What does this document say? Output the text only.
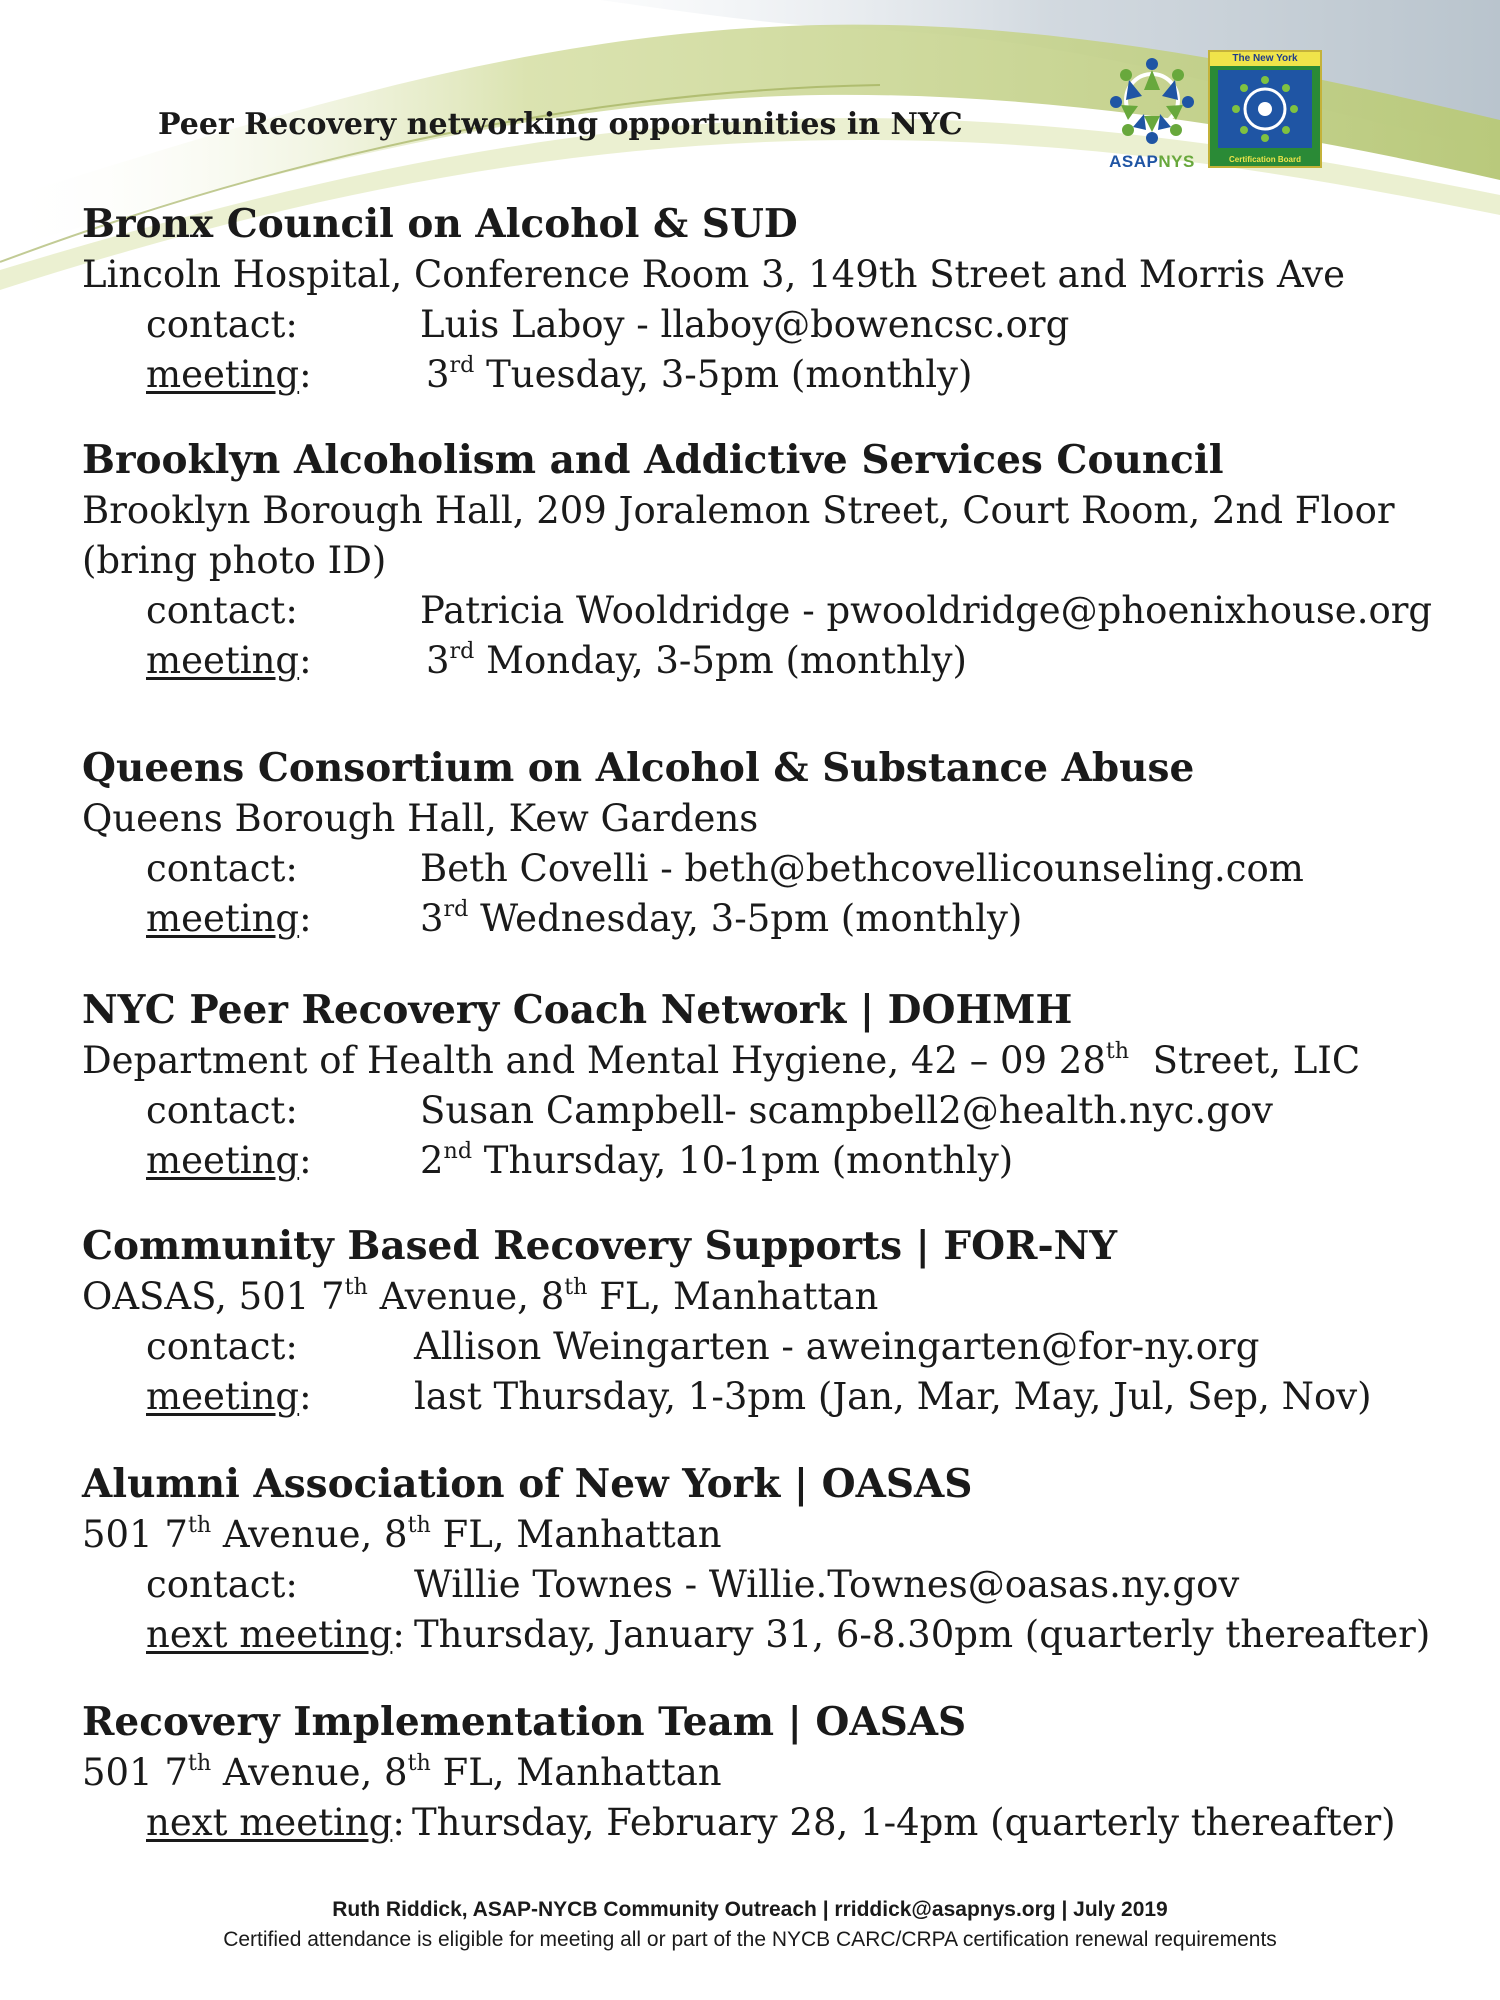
Peer Recovery networking opportunities in NYC
ASAPNYS
The New York
Certification Board
Bronx Council on Alcohol & SUD
Lincoln Hospital, Conference Room 3, 149th Street and Morris Ave
contact:	Luis Laboy - llaboy@bowencsc.org
meeting:	3rd Tuesday, 3-5pm (monthly)
Brooklyn Alcoholism and Addictive Services Council
Brooklyn Borough Hall, 209 Joralemon Street, Court Room, 2nd Floor
(bring photo ID)
contact:	Patricia Wooldridge - pwooldridge@phoenixhouse.org
meeting:	3rd Monday, 3-5pm (monthly)
Queens Consortium on Alcohol & Substance Abuse
Queens Borough Hall, Kew Gardens
contact:	Beth Covelli - beth@bethcovellicounseling.com
meeting:	3rd Wednesday, 3-5pm (monthly)
NYC Peer Recovery Coach Network | DOHMH
Department of Health and Mental Hygiene, 42 – 09 28th  Street, LIC
contact:	Susan Campbell- scampbell2@health.nyc.gov
meeting:	2nd Thursday, 10-1pm (monthly)
Community Based Recovery Supports | FOR-NY
OASAS, 501 7th Avenue, 8th FL, Manhattan
contact:	Allison Weingarten - aweingarten@for-ny.org
meeting:	last Thursday, 1-3pm (Jan, Mar, May, Jul, Sep, Nov)
Alumni Association of New York | OASAS
501 7th Avenue, 8th FL, Manhattan
contact:	Willie Townes - Willie.Townes@oasas.ny.gov
next meeting: Thursday, January 31, 6-8.30pm (quarterly thereafter)
Recovery Implementation Team | OASAS
501 7th Avenue, 8th FL, Manhattan
next meeting: Thursday, February 28, 1-4pm (quarterly thereafter)
Ruth Riddick, ASAP-NYCB Community Outreach | rriddick@asapnys.org | July 2019
Certified attendance is eligible for meeting all or part of the NYCB CARC/CRPA certification renewal requirements
